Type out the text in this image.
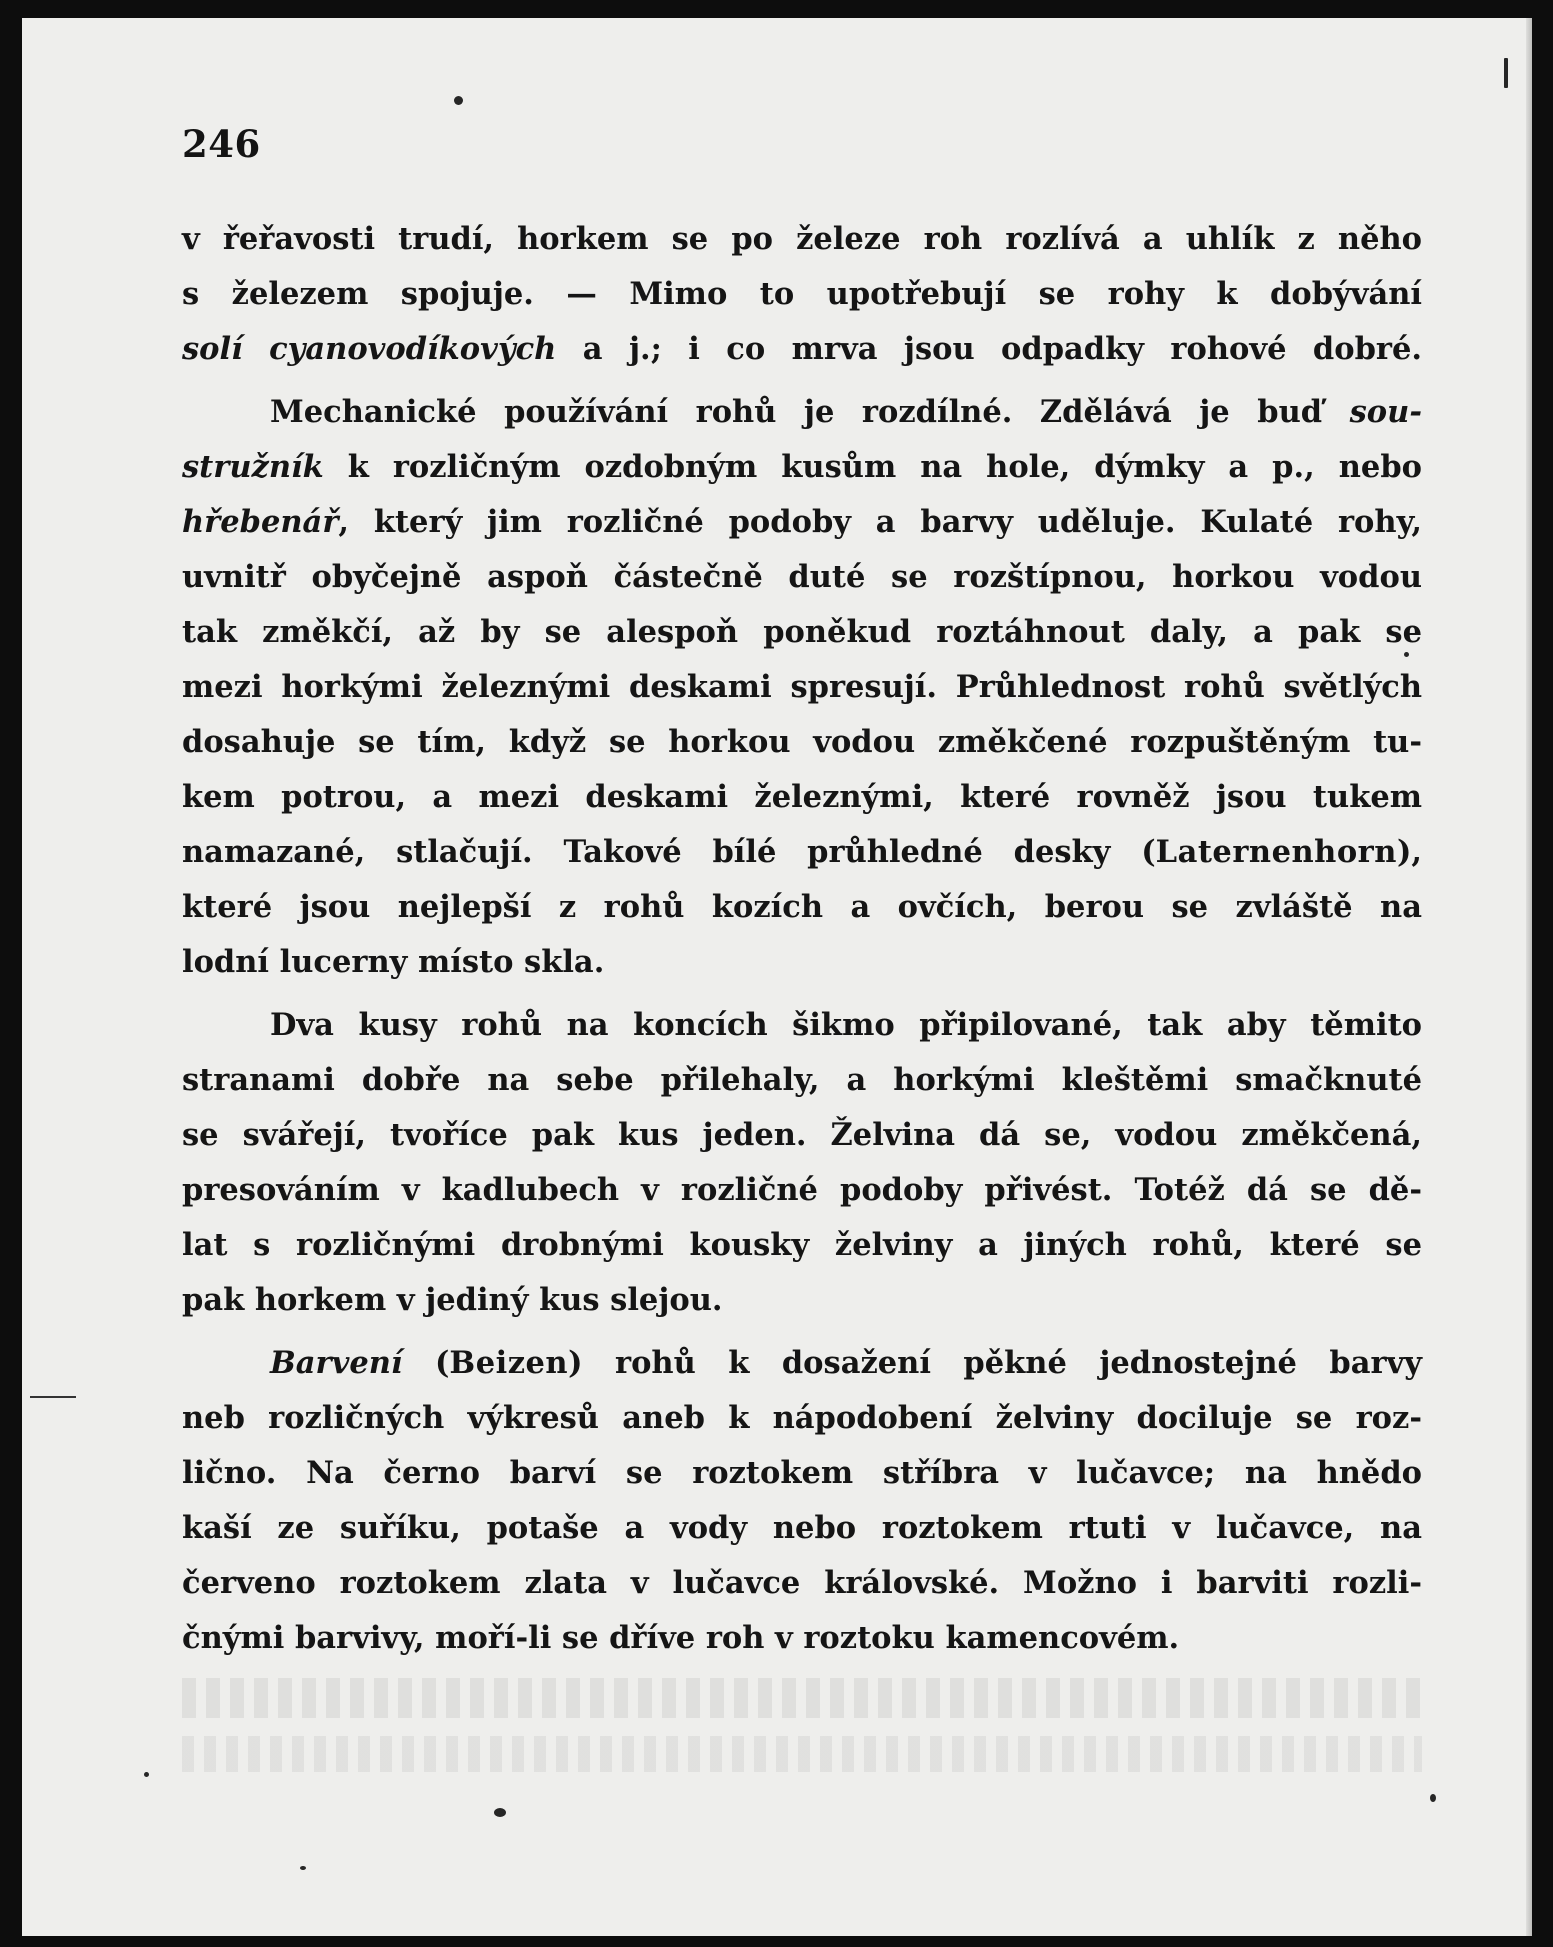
246
v řeřavosti trudí, horkem se po železe roh rozlívá a uhlík z něho
s železem spojuje. — Mimo to upotřebují se rohy k dobývání
solí cyanovodíkových a j.; i co mrva jsou odpadky rohové dobré.
Mechanické používání rohů je rozdílné. Zdělává je buď sou-
stružník k rozličným ozdobným kusům na hole, dýmky a p., nebo
hřebenář, který jim rozličné podoby a barvy uděluje. Kulaté rohy,
uvnitř obyčejně aspoň částečně duté se rozštípnou, horkou vodou
tak změkčí, až by se alespoň poněkud roztáhnout daly, a pak se
mezi horkými železnými deskami spresují. Průhlednost rohů světlých
dosahuje se tím, když se horkou vodou změkčené rozpuštěným tu-
kem potrou, a mezi deskami železnými, které rovněž jsou tukem
namazané, stlačují. Takové bílé průhledné desky (Laternenhorn),
které jsou nejlepší z rohů kozích a ovčích, berou se zvláště na
lodní lucerny místo skla.
Dva kusy rohů na koncích šikmo připilované, tak aby těmito
stranami dobře na sebe přilehaly, a horkými kleštěmi smačknuté
se svářejí, tvoříce pak kus jeden. Želvina dá se, vodou změkčená,
presováním v kadlubech v rozličné podoby přivést. Totéž dá se dě-
lat s rozličnými drobnými kousky želviny a jiných rohů, které se
pak horkem v jediný kus slejou.
Barvení (Beizen) rohů k dosažení pěkné jednostejné barvy
neb rozličných výkresů aneb k nápodobení želviny dociluje se roz-
lično. Na černo barví se roztokem stříbra v lučavce; na hnědo
kaší ze suříku, potaše a vody nebo roztokem rtuti v lučavce, na
červeno roztokem zlata v lučavce královské. Možno i barviti rozli-
čnými barvivy, moří-li se dříve roh v roztoku kamencovém.
